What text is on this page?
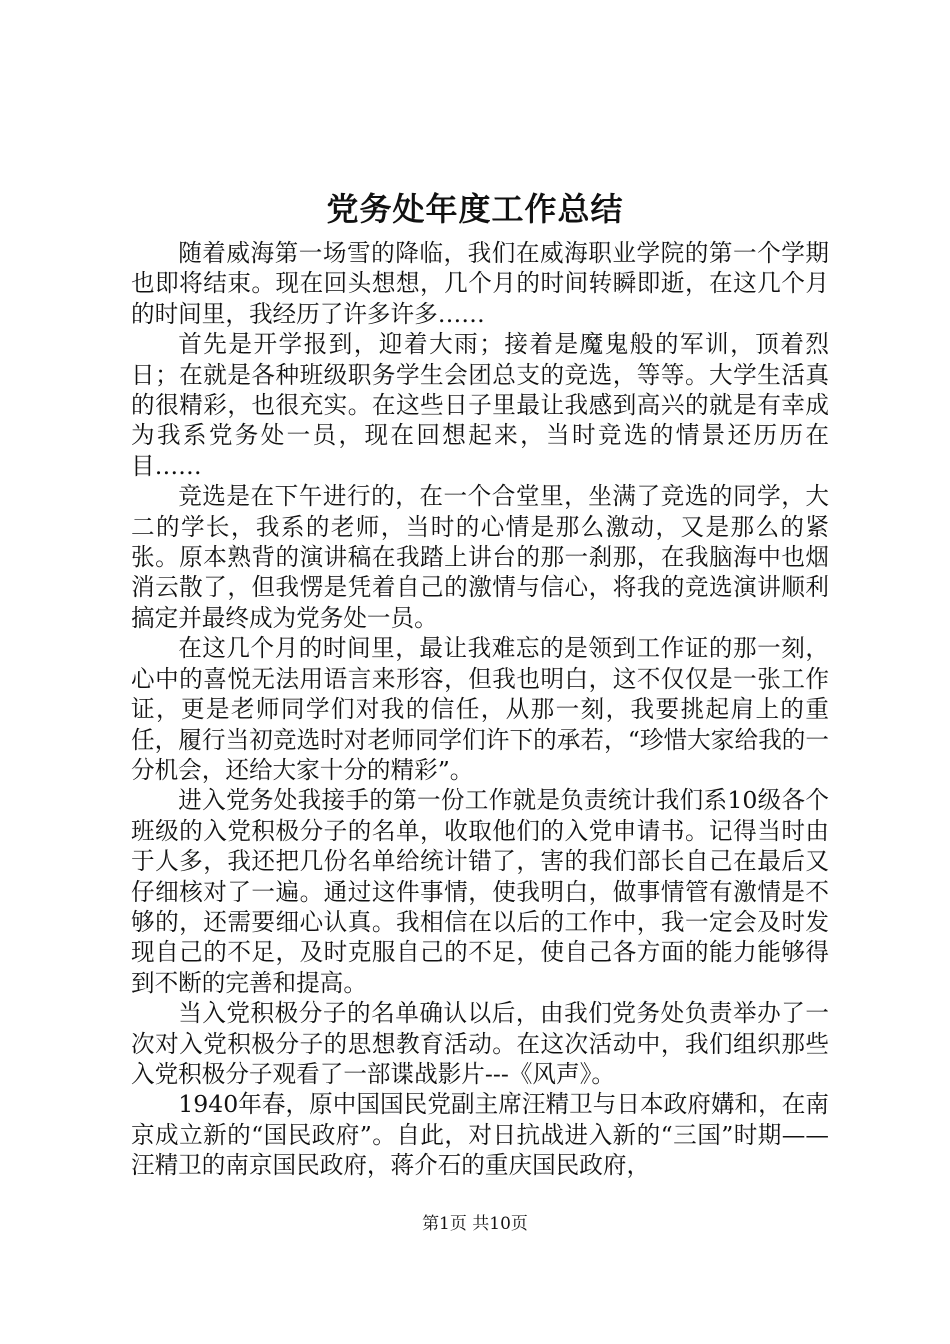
党务处年度工作总结

随着威海第一场雪的降临，我们在威海职业学院的第一个学期也即将结束。现在回头想想，几个月的时间转瞬即逝，在这几个月的时间里，我经历了许多许多……

首先是开学报到，迎着大雨；接着是魔鬼般的军训，顶着烈日；在就是各种班级职务学生会团总支的竞选，等等。大学生活真的很精彩，也很充实。在这些日子里最让我感到高兴的就是有幸成为我系党务处一员，现在回想起来，当时竞选的情景还历历在目……

竞选是在下午进行的，在一个合堂里，坐满了竞选的同学，大二的学长，我系的老师，当时的心情是那么激动，又是那么的紧张。原本熟背的演讲稿在我踏上讲台的那一刹那，在我脑海中也烟消云散了，但我愣是凭着自己的激情与信心，将我的竞选演讲顺利搞定并最终成为党务处一员。

在这几个月的时间里，最让我难忘的是领到工作证的那一刻，心中的喜悦无法用语言来形容，但我也明白，这不仅仅是一张工作证，更是老师同学们对我的信任，从那一刻，我要挑起肩上的重任，履行当初竞选时对老师同学们许下的承若，“珍惜大家给我的一分机会，还给大家十分的精彩”。

进入党务处我接手的第一份工作就是负责统计我们系10级各个班级的入党积极分子的名单，收取他们的入党申请书。记得当时由于人多，我还把几份名单给统计错了，害的我们部长自己在最后又仔细核对了一遍。通过这件事情，使我明白，做事情管有激情是不够的，还需要细心认真。我相信在以后的工作中，我一定会及时发现自己的不足，及时克服自己的不足，使自己各方面的能力能够得到不断的完善和提高。

当入党积极分子的名单确认以后，由我们党务处负责举办了一次对入党积极分子的思想教育活动。在这次活动中，我们组织那些入党积极分子观看了一部谍战影片---《风声》。

1940年春，原中国国民党副主席汪精卫与日本政府媾和，在南京成立新的“国民政府”。自此，对日抗战进入新的“三国”时期——汪精卫的南京国民政府，蒋介石的重庆国民政府，

第1页 共10页
